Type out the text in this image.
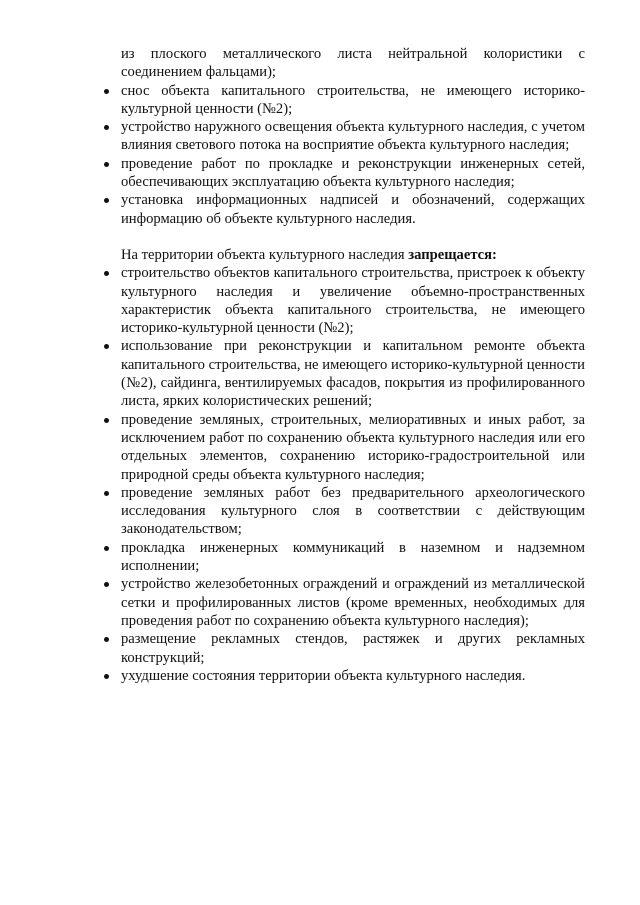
из плоского металлического листа нейтральной колористики с соединением фальцами);
снос объекта капитального строительства, не имеющего историко-культурной ценности (№2);
устройство наружного освещения объекта культурного наследия, с учетом влияния светового потока на восприятие объекта культурного наследия;
проведение работ по прокладке и реконструкции инженерных сетей, обеспечивающих эксплуатацию объекта культурного наследия;
установка информационных надписей и обозначений, содержащих информацию об объекте культурного наследия.

На территории объекта культурного наследия запрещается:

строительство объектов капитального строительства, пристроек к объекту культурного наследия и увеличение объемно-пространственных характеристик объекта капитального строительства, не имеющего историко-культурной ценности (№2);
использование при реконструкции и капитальном ремонте объекта капитального строительства, не имеющего историко-культурной ценности (№2), сайдинга, вентилируемых фасадов, покрытия из профилированного листа, ярких колористических решений;
проведение земляных, строительных, мелиоративных и иных работ, за исключением работ по сохранению объекта культурного наследия или его отдельных элементов, сохранению историко-градостроительной или природной среды объекта культурного наследия;
проведение земляных работ без предварительного археологического исследования культурного слоя в соответствии с действующим законодательством;
прокладка инженерных коммуникаций в наземном и надземном исполнении;
устройство железобетонных ограждений и ограждений из металлической сетки и профилированных листов (кроме временных, необходимых для проведения работ по сохранению объекта культурного наследия);
размещение рекламных стендов, растяжек и других рекламных конструкций;
ухудшение состояния территории объекта культурного наследия.
